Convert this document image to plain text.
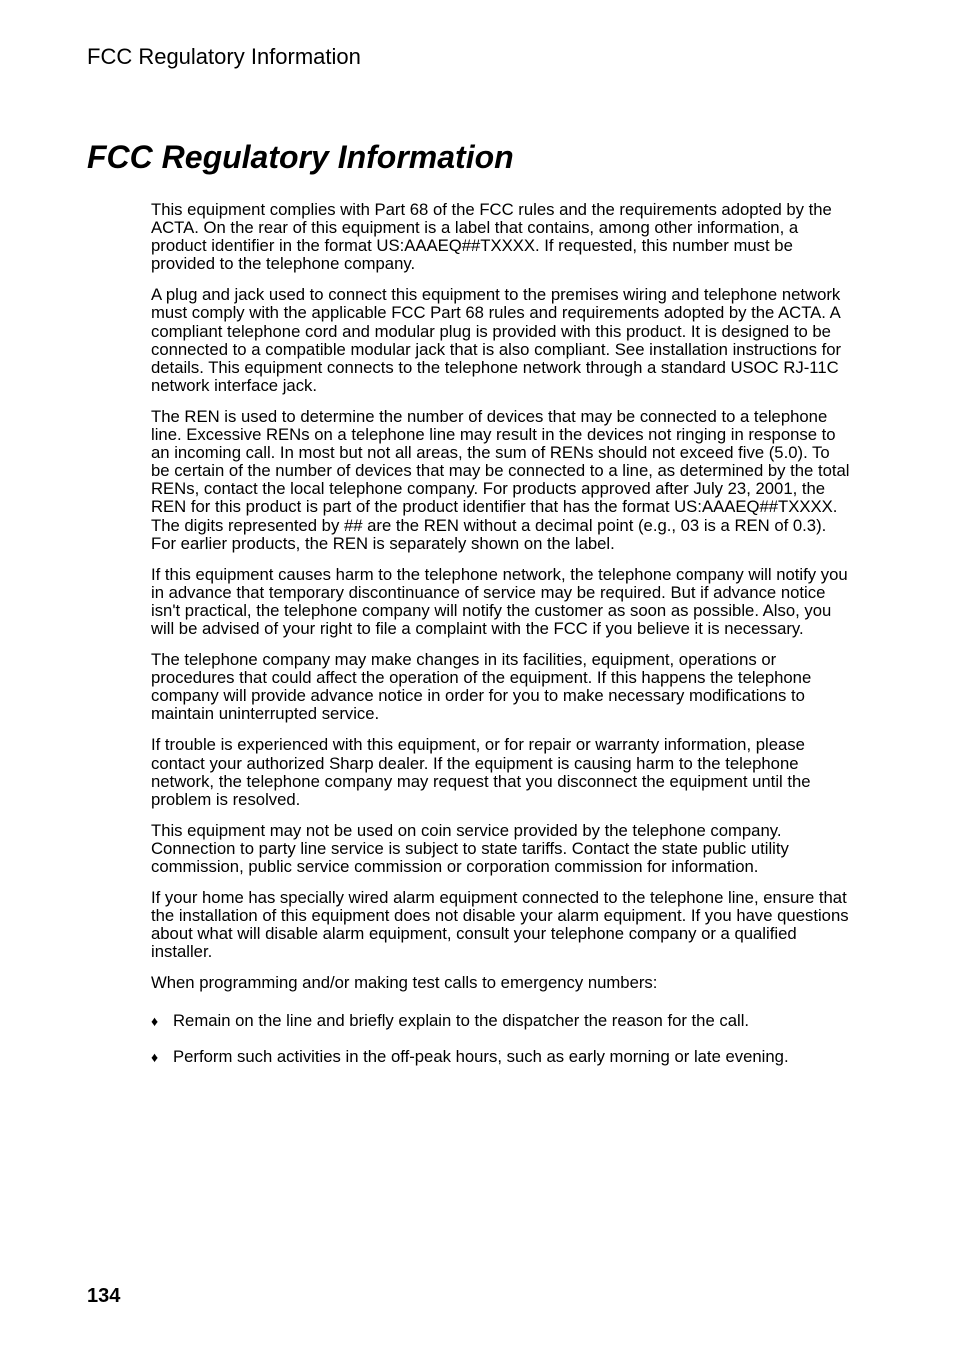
FCC Regulatory Information
FCC Regulatory Information

This equipment complies with Part 68 of the FCC rules and the requirements adopted by the ACTA. On the rear of this equipment is a label that contains, among other information, a product identifier in the format US:AAAEQ##TXXXX. If requested, this number must be provided to the telephone company.

A plug and jack used to connect this equipment to the premises wiring and telephone network must comply with the applicable FCC Part 68 rules and requirements adopted by the ACTA. A compliant telephone cord and modular plug is provided with this product. It is designed to be connected to a compatible modular jack that is also compliant. See installation instructions for details. This equipment connects to the telephone network through a standard USOC RJ-11C network interface jack.

The REN is used to determine the number of devices that may be connected to a telephone line. Excessive RENs on a telephone line may result in the devices not ringing in response to an incoming call. In most but not all areas, the sum of RENs should not exceed five (5.0). To be certain of the number of devices that may be connected to a line, as determined by the total RENs, contact the local telephone company. For products approved after July 23, 2001, the REN for this product is part of the product identifier that has the format US:AAAEQ##TXXXX. The digits represented by ## are the REN without a decimal point (e.g., 03 is a REN of 0.3). For earlier products, the REN is separately shown on the label.

If this equipment causes harm to the telephone network, the telephone company will notify you in advance that temporary discontinuance of service may be required. But if advance notice isn't practical, the telephone company will notify the customer as soon as possible. Also, you will be advised of your right to file a complaint with the FCC if you believe it is necessary.

The telephone company may make changes in its facilities, equipment, operations or procedures that could affect the operation of the equipment. If this happens the telephone company will provide advance notice in order for you to make necessary modifications to maintain uninterrupted service.

If trouble is experienced with this equipment, or for repair or warranty information, please contact your authorized Sharp dealer. If the equipment is causing harm to the telephone network, the telephone company may request that you disconnect the equipment until the problem is resolved.

This equipment may not be used on coin service provided by the telephone company. Connection to party line service is subject to state tariffs. Contact the state public utility commission, public service commission or corporation commission for information.

If your home has specially wired alarm equipment connected to the telephone line, ensure that the installation of this equipment does not disable your alarm equipment. If you have questions about what will disable alarm equipment, consult your telephone company or a qualified installer.

When programming and/or making test calls to emergency numbers:

♦ Remain on the line and briefly explain to the dispatcher the reason for the call.
♦ Perform such activities in the off-peak hours, such as early morning or late evening.
134
